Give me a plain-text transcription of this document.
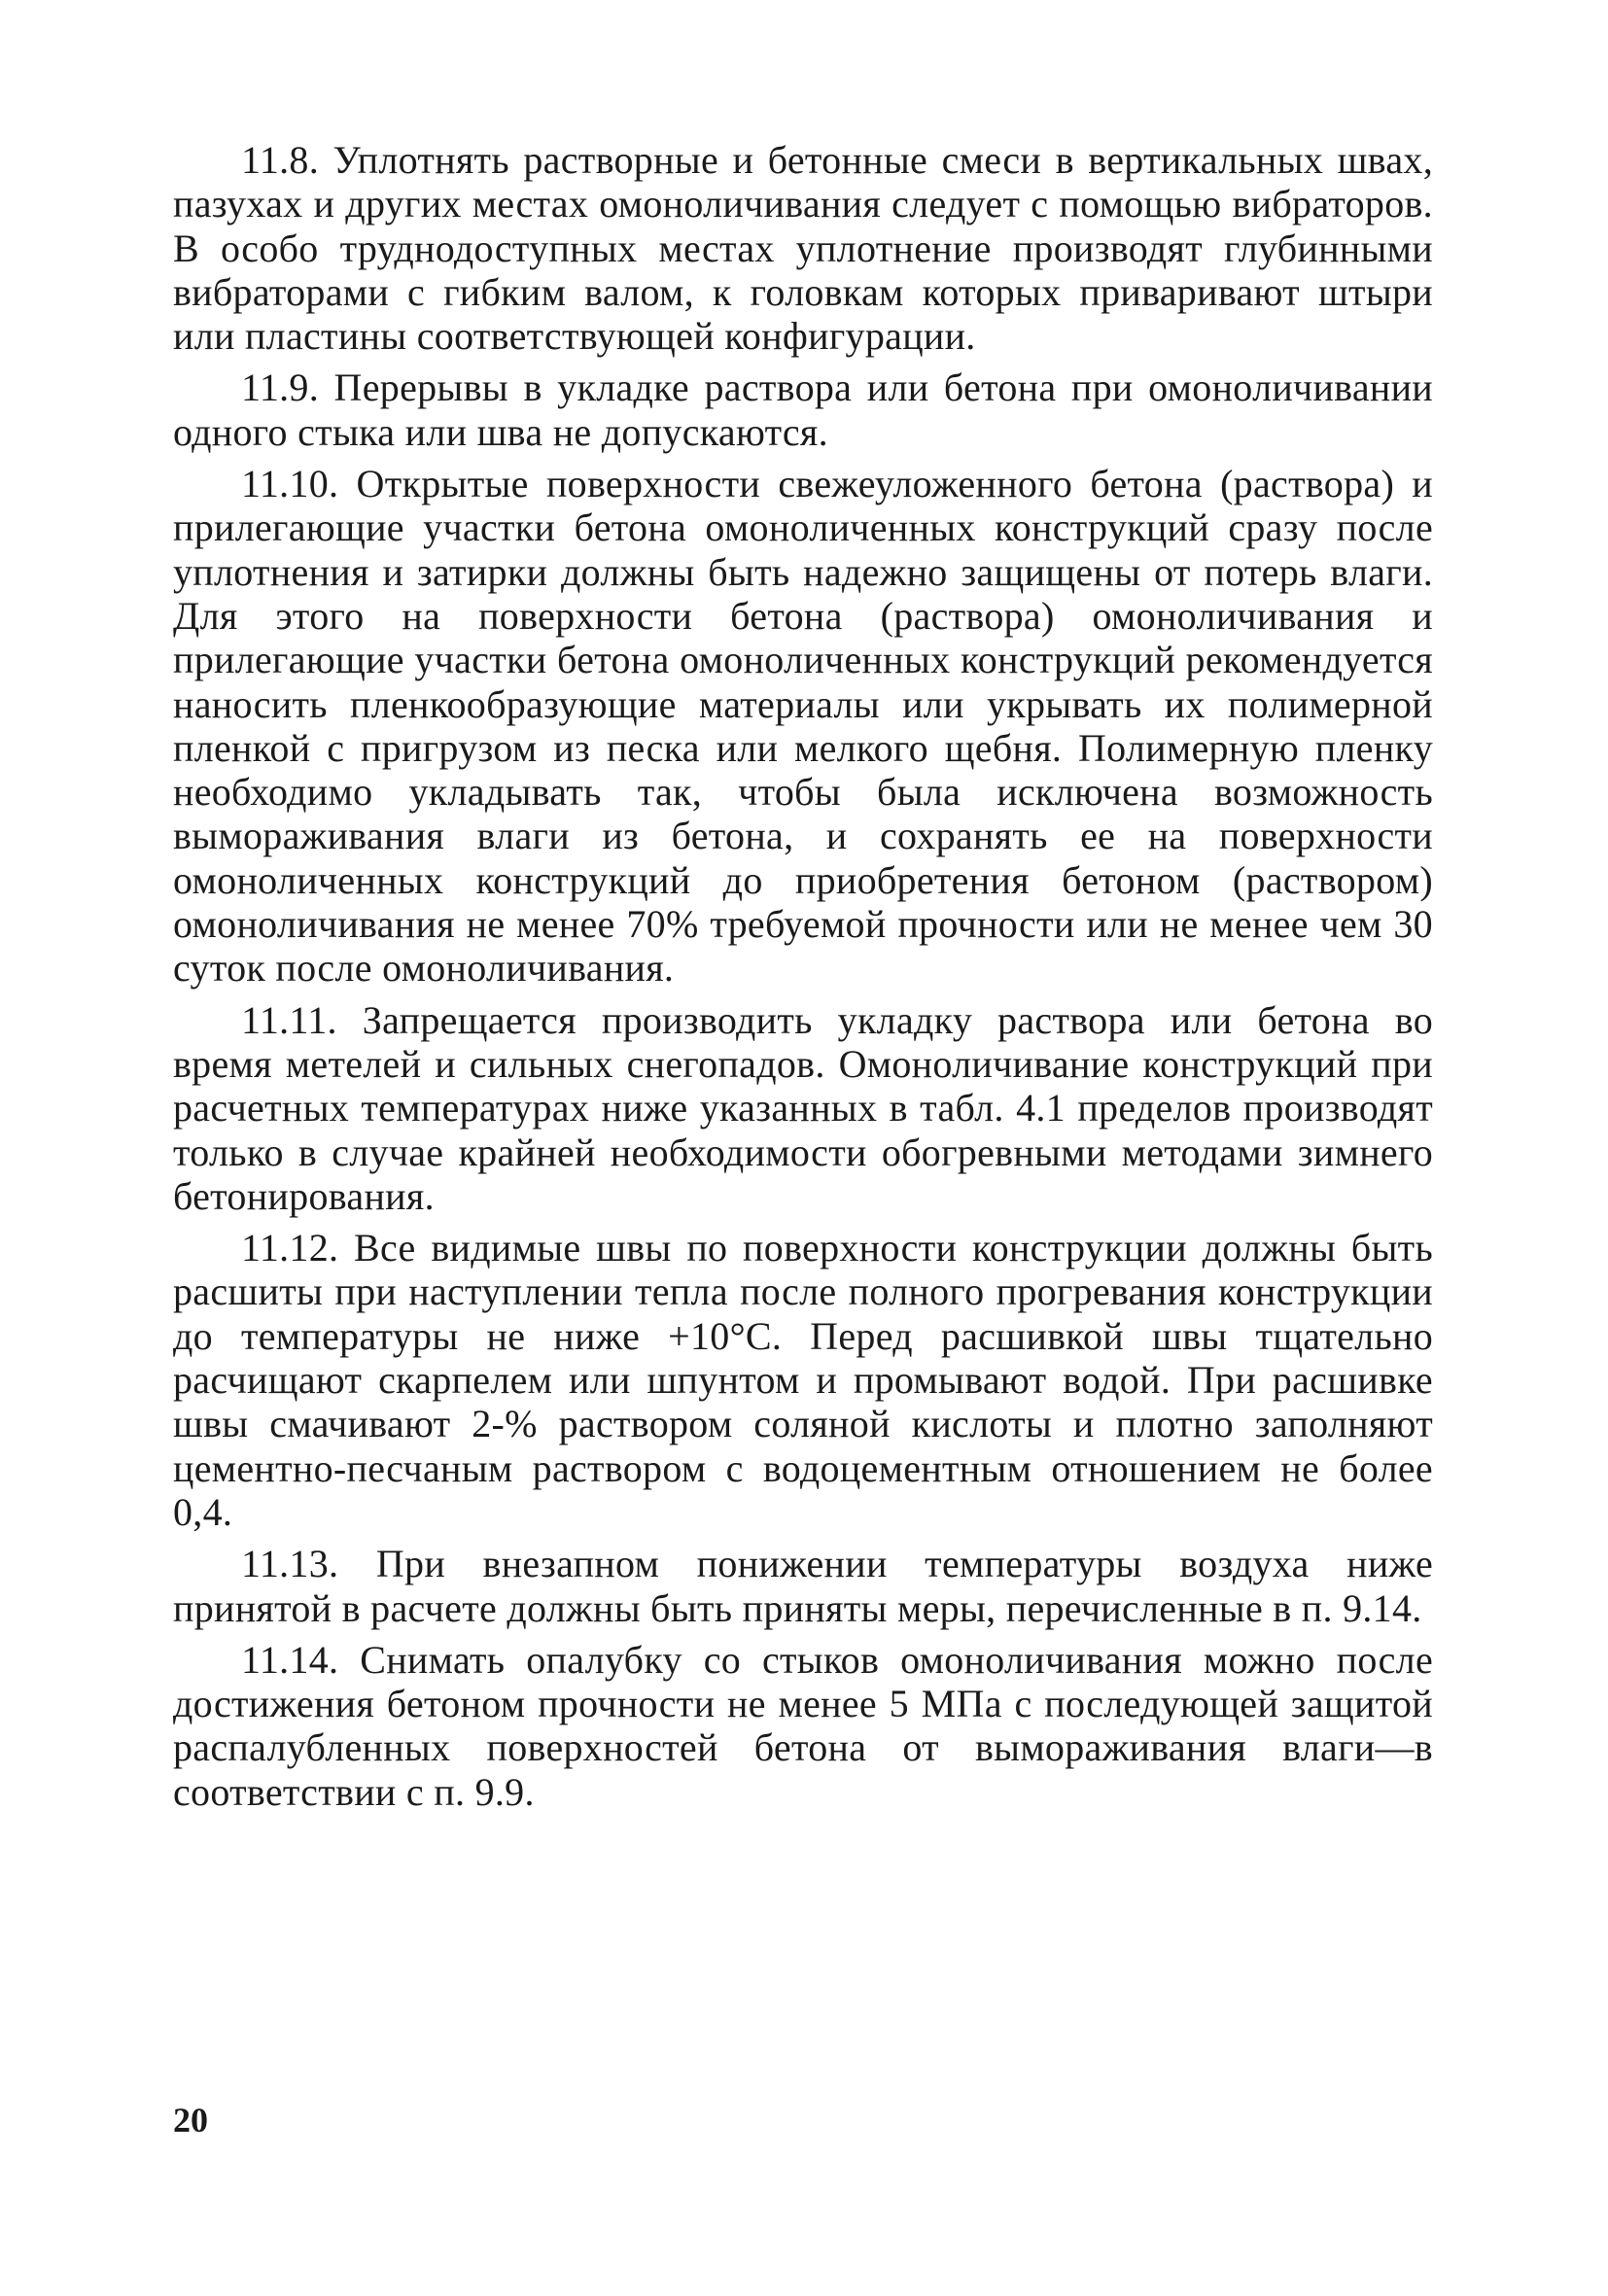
11.8. Уплотнять растворные и бетонные смеси в вертикальных швах, пазухах и других местах омоноличивания следует с помощью вибраторов. В особо труднодоступных местах уплотнение производят глубинными вибраторами с гибким валом, к головкам которых приваривают штыри или пластины соответствующей конфигурации.

11.9. Перерывы в укладке раствора или бетона при омоноличивании одного стыка или шва не допускаются.

11.10. Открытые поверхности свежеуложенного бетона (раствора) и прилегающие участки бетона омоноличенных конструкций сразу после уплотнения и затирки должны быть надежно защищены от потерь влаги. Для этого на поверхности бетона (раствора) омоноличивания и прилегающие участки бетона омоноличенных конструкций рекомендуется наносить пленкообразующие материалы или укрывать их полимерной пленкой с пригрузом из песка или мелкого щебня. Полимерную пленку необходимо укладывать так, чтобы была исключена возможность вымораживания влаги из бетона, и сохранять ее на поверхности омоноличенных конструкций до приобретения бетоном (раствором) омоноличивания не менее 70% требуемой прочности или не менее чем 30 суток после омоноличивания.

11.11. Запрещается производить укладку раствора или бетона во время метелей и сильных снегопадов. Омоноличивание конструкций при расчетных температурах ниже указанных в табл. 4.1 пределов производят только в случае крайней необходимости обогревными методами зимнего бетонирования.

11.12. Все видимые швы по поверхности конструкции должны быть расшиты при наступлении тепла после полного прогревания конструкции до температуры не ниже +10°С. Перед расшивкой швы тщательно расчищают скарпелем или шпунтом и промывают водой. При расшивке швы смачивают 2-% раствором соляной кислоты и плотно заполняют цементно-песчаным раствором с водоцементным отношением не более 0,4.

11.13. При внезапном понижении температуры воздуха ниже принятой в расчете должны быть приняты меры, перечисленные в п. 9.14.

11.14. Снимать опалубку со стыков омоноличивания можно после достижения бетоном прочности не менее 5 МПа с последующей защитой распалубленных поверхностей бетона от вымораживания влаги—в соответствии с п. 9.9.

20
